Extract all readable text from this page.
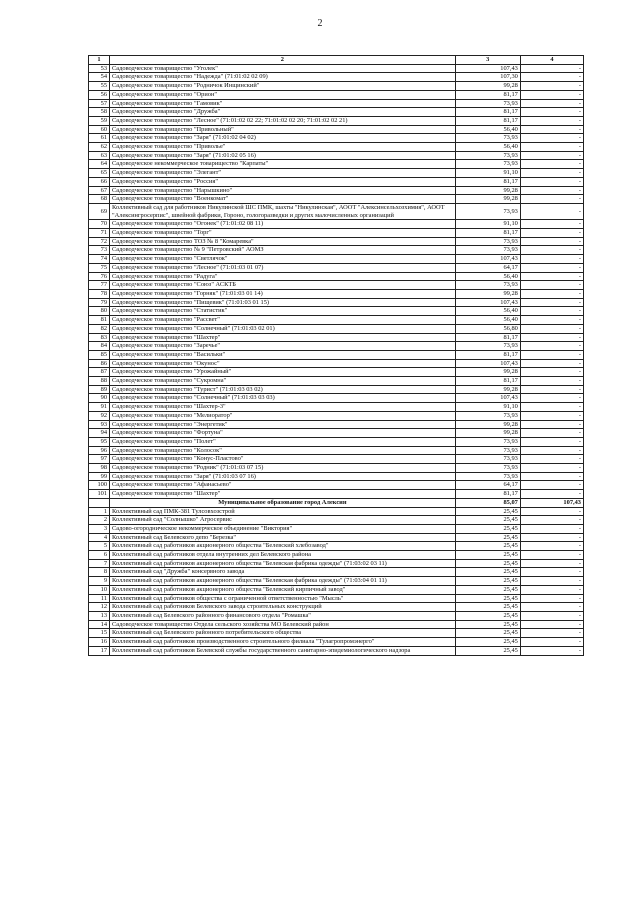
2
1	2	3	4
53	Садоводческое товарищество "Уголек"	107,43	-
54	Садоводческое товарищество "Надежда" (71:01:02 02 09)	107,30	-
55	Садоводческое товарищество "Родничок Инщинский"	99,28	-
56	Садоводческое товарищество "Орион"	81,17	-
57	Садоводческое товарищество "Гамовик"	73,93	-
58	Садоводческое товарищество "Дружба"	81,17	-
59	Садоводческое товарищество "Лесное" (71:01:02 02 22; 71:01:02 02 20; 71:01:02 02 21)	81,17	-
60	Садоводческое товарищество "Привольный"	56,40	-
61	Садоводческое товарищество "Заря" (71:01:02 04 02)	73,93	-
62	Садоводческое товарищество "Приволье"	56,40	-
63	Садоводческое товарищество "Заря" (71:01:02 05 16)	73,93	-
64	Садоводческое некоммерческое товарищество "Карпаты"	73,93	-
65	Садоводческое товарищество "Элегант"	91,10	-
66	Садоводческое товарищество "Россия"	81,17	-
67	Садоводческое товарищество "Нарышкино"	99,28	-
68	Садоводческое товарищество "Военкомат"	99,28	-
69	Коллективный сад для работников Никулинской ШС ПМК, шахты "Никулинская", АООТ "Алексинсельхозхимия", АООТ "Алексингросерпис", швейной фабрики, Гороно, гологоразведки и других малочисленных организаций	73,93	-
70	Садоводческое товарищество "Огонек" (71:01:02 08 11)	91,10	-
71	Садоводческое товарищество "Торг"	81,17	-
72	Садоводческое товарищество ТОЗ № 8 "Комаревка"	73,93	-
73	Садоводческое товарищество № 9 "Петровский" АОМЗ	73,93	-
74	Садоводческое товарищество "Светлячок"	107,43	-
75	Садоводческое товарищество "Лесное" (71:01:03 01 07)	64,17	-
76	Садоводческое товарищество "Радуга"	56,40	-
77	Садоводческое товарищество "Союз" АСКТБ	73,93	-
78	Садоводческое товарищество "Горняк" (71:01:03 01 14)	99,28	-
79	Садоводческое товарищество "Пищевик" (71:01:03 01 15)	107,43	-
80	Садоводческое товарищество "Статистик"	56,40	-
81	Садоводческое товарищество "Рассвет"	56,40	-
82	Садоводческое товарищество "Солнечный" (71:01:03 02 01)	56,80	-
83	Садоводческое товарищество "Шахтер"	81,17	-
84	Садоводческое товарищество "Заречье"	73,93	-
85	Садоводческое товарищество "Васильки"	81,17	-
86	Садоводческое товарищество "Окунос"	107,43	-
87	Садоводческое товарищество "Урожайный"	99,28	-
88	Садоводческое товарищество "Сукромна"	81,17	-
89	Садоводческое товарищество "Турист" (71:01:03 03 02)	99,28	-
90	Садоводческое товарищество "Солнечный" (71:01:03 03 03)	107,43	-
91	Садоводческое товарищество "Шахтер-3"	91,10	-
92	Садоводческое товарищество "Мелиоратор"	73,93	-
93	Садоводческое товарищество "Энергетик"	99,28	-
94	Садоводческое товарищество "Фортуна"	99,28	-
95	Садоводческое товарищество "Полет"	73,93	-
96	Садоводческое товарищество "Колосок"	73,93	-
97	Садоводческое товарищество "Конус-Пластово"	73,93	-
98	Садоводческое товарищество "Родник" (71:01:03 07 15)	73,93	-
99	Садоводческое товарищество "Заря" (71:01:03 07 16)	73,93	-
100	Садоводческое товарищество "Афанасьево"	64,17	-
101	Садоводческое товарищество "Шахтер"	81,17	-
	Муниципальное образование город Алексин	85,07	107,43
1	Коллективный сад ПМК-381 Тулсовхозстрой	25,45	-
2	Коллективный сад "Солнышко" Агросервис	25,45	-
3	Садово-огородническое некоммерческое объединение "Виктория"	25,45	-
4	Коллективный сад Белевского депо "Березка"	25,45	-
5	Коллективный сад работников акционерного общества "Белевский хлебозавод"	25,45	-
6	Коллективный сад работников отдела внутренних дел Белевского района	25,45	-
7	Коллективный сад работников акционерного общества "Белевская фабрика одежды" (71:03:02 03 11)	25,45	-
8	Коллективный сад "Дружба" консервного завода	25,45	-
9	Коллективный сад работников акционерного общества "Белевская фабрика одежды" (71:03:04 01 11)	25,45	-
10	Коллективный сад работников акционерного общества "Белевский кирпичный завод"	25,45	-
11	Коллективный сад работников общества с ограниченной ответственностью "Мысль"	25,45	-
12	Коллективный сад работников Белевского завода строительных конструкций	25,45	-
13	Коллективный сад Белевского районного финансового отдела "Ромашка"	25,45	-
14	Садоводческое товарищество Отдела сельского хозяйства МО Белевский район	25,45	-
15	Коллективный сад Белевского районного потребительского общества	25,45	-
16	Коллективный сад работников производственного строительного филиала "Тулагропромэнерго"	25,45	-
17	Коллективный сад работников Белевской службы государственного санитарно-эпидемиологического надзора	25,45	-
